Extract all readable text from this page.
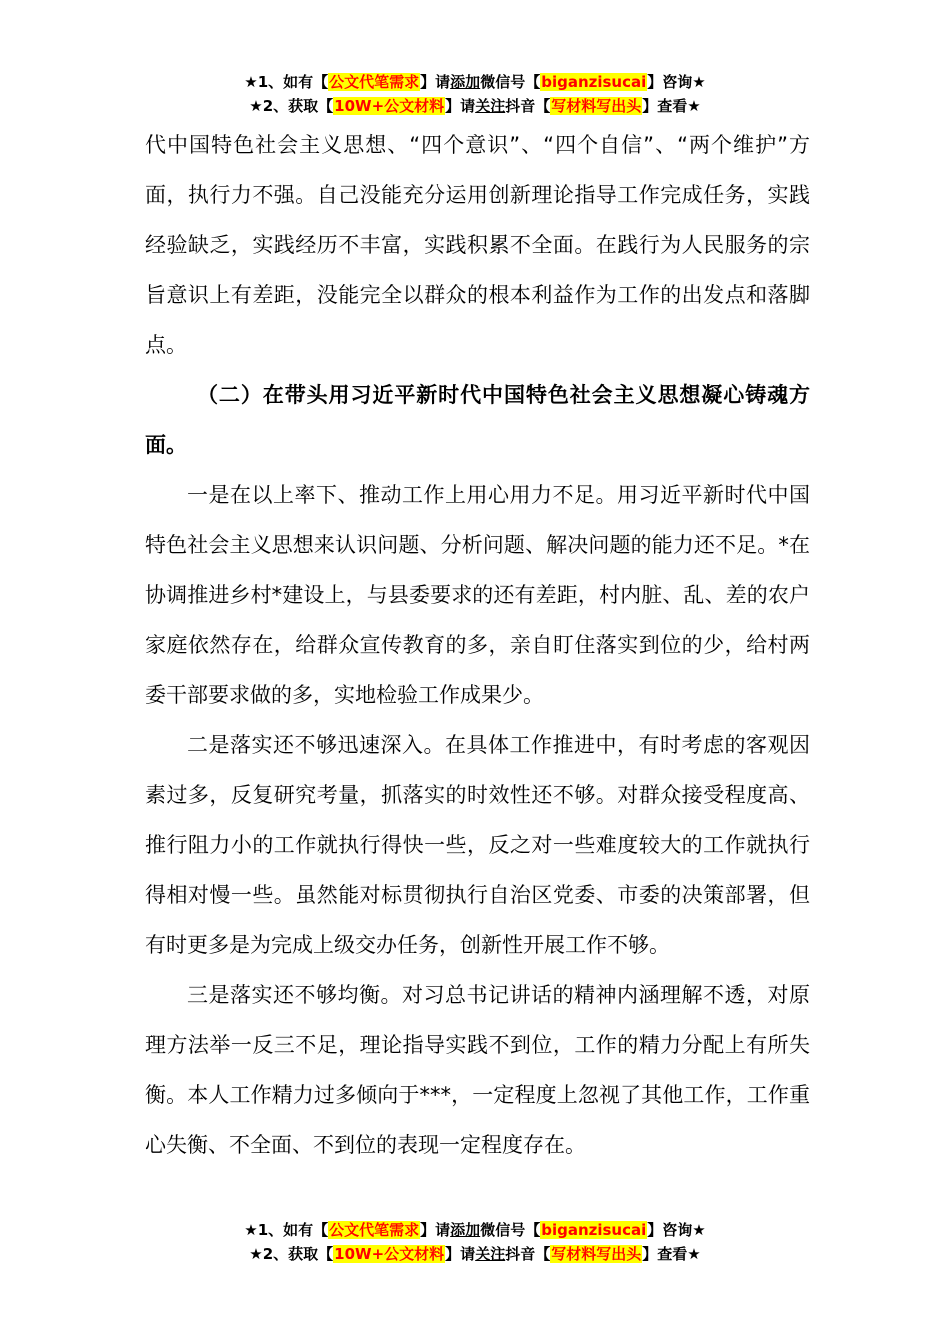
★1、如有【公文代笔需求】请添加微信号【biganzisucai】咨询★
★2、获取【10W+公文材料】请关注抖音【写材料写出头】查看★

代中国特色社会主义思想、“四个意识”、“四个自信”、“两个维护”方面，执行力不强。自己没能充分运用创新理论指导工作完成任务，实践经验缺乏，实践经历不丰富，实践积累不全面。在践行为人民服务的宗旨意识上有差距，没能完全以群众的根本利益作为工作的出发点和落脚点。

（二）在带头用习近平新时代中国特色社会主义思想凝心铸魂方面。

一是在以上率下、推动工作上用心用力不足。用习近平新时代中国特色社会主义思想来认识问题、分析问题、解决问题的能力还不足。*在协调推进乡村*建设上，与县委要求的还有差距，村内脏、乱、差的农户家庭依然存在，给群众宣传教育的多，亲自盯住落实到位的少，给村两委干部要求做的多，实地检验工作成果少。

二是落实还不够迅速深入。在具体工作推进中，有时考虑的客观因素过多，反复研究考量，抓落实的时效性还不够。对群众接受程度高、推行阻力小的工作就执行得快一些，反之对一些难度较大的工作就执行得相对慢一些。虽然能对标贯彻执行自治区党委、市委的决策部署，但有时更多是为完成上级交办任务，创新性开展工作不够。

三是落实还不够均衡。对习总书记讲话的精神内涵理解不透，对原理方法举一反三不足，理论指导实践不到位，工作的精力分配上有所失衡。本人工作精力过多倾向于***，一定程度上忽视了其他工作，工作重心失衡、不全面、不到位的表现一定程度存在。

★1、如有【公文代笔需求】请添加微信号【biganzisucai】咨询★
★2、获取【10W+公文材料】请关注抖音【写材料写出头】查看★
